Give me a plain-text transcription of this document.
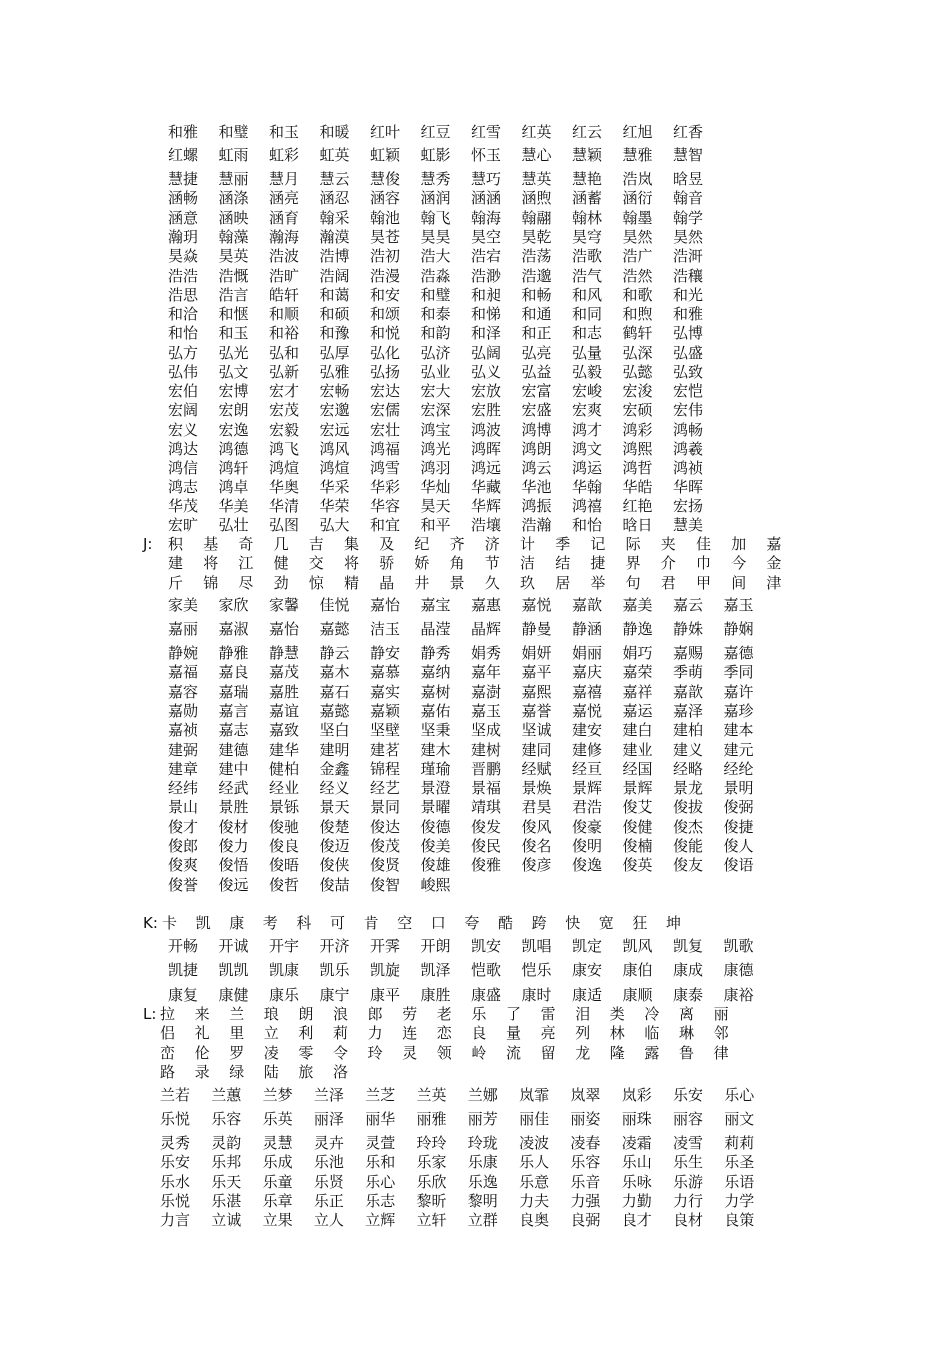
和雅 和璧 和玉 和暖 红叶 红豆 红雪 红英 红云 红旭 红香
红螺 虹雨 虹彩 虹英 虹颖 虹影 怀玉 慧心 慧颖 慧雅 慧智
慧捷 慧丽 慧月 慧云 慧俊 慧秀 慧巧 慧英 慧艳 浩岚 晗昱
涵畅 涵涤 涵亮 涵忍 涵容 涵润 涵涵 涵煦 涵蓄 涵衍 翰音
涵意 涵映 涵育 翰采 翰池 翰飞 翰海 翰翮 翰林 翰墨 翰学
瀚玥 翰藻 瀚海 瀚漠 昊苍 昊昊 昊空 昊乾 昊穹 昊然 昊然
昊焱 昊英 浩波 浩博 浩初 浩大 浩宕 浩荡 浩歌 浩广 浩涆
浩浩 浩慨 浩旷 浩阔 浩漫 浩淼 浩渺 浩邈 浩气 浩然 浩穰
浩思 浩言 皓轩 和蔼 和安 和璧 和昶 和畅 和风 和歌 和光
和洽 和惬 和顺 和硕 和颂 和泰 和悌 和通 和同 和煦 和雅
和怡 和玉 和裕 和豫 和悦 和韵 和泽 和正 和志 鹤轩 弘博
弘方 弘光 弘和 弘厚 弘化 弘济 弘阔 弘亮 弘量 弘深 弘盛
弘伟 弘文 弘新 弘雅 弘扬 弘业 弘义 弘益 弘毅 弘懿 弘致
宏伯 宏博 宏才 宏畅 宏达 宏大 宏放 宏富 宏峻 宏浚 宏恺
宏阔 宏朗 宏茂 宏邈 宏儒 宏深 宏胜 宏盛 宏爽 宏硕 宏伟
宏义 宏逸 宏毅 宏远 宏壮 鸿宝 鸿波 鸿博 鸿才 鸿彩 鸿畅
鸿达 鸿德 鸿飞 鸿风 鸿福 鸿光 鸿晖 鸿朗 鸿文 鸿熙 鸿羲
鸿信 鸿轩 鸿煊 鸿煊 鸿雪 鸿羽 鸿远 鸿云 鸿运 鸿哲 鸿祯
鸿志 鸿卓 华奥 华采 华彩 华灿 华藏 华池 华翰 华皓 华晖
华茂 华美 华清 华荣 华容 昊天 华辉 鸿振 鸿禧 红艳 宏扬
宏旷 弘壮 弘图 弘大 和宜 和平 浩壤 浩瀚 和怡 晗日 慧美
J: 积 基 奇 几 吉 集 及 纪 齐 济 计 季 记 际 夹 佳 加 嘉
建 将 江 健 交 将 骄 娇 角 节 洁 结 捷 界 介 巾 今 金
斤 锦 尽 劲 惊 精 晶 井 景 久 玖 居 举 句 君 甲 间 津
家美 家欣 家馨 佳悦 嘉怡 嘉宝 嘉惠 嘉悦 嘉歆 嘉美 嘉云 嘉玉
嘉丽 嘉淑 嘉怡 嘉懿 洁玉 晶滢 晶辉 静曼 静涵 静逸 静姝 静娴
静婉 静雅 静慧 静云 静安 静秀 娟秀 娟妍 娟丽 娟巧 嘉赐 嘉德
嘉福 嘉良 嘉茂 嘉木 嘉慕 嘉纳 嘉年 嘉平 嘉庆 嘉荣 季萌 季同
嘉容 嘉瑞 嘉胜 嘉石 嘉实 嘉树 嘉澍 嘉熙 嘉禧 嘉祥 嘉歆 嘉许
嘉勋 嘉言 嘉谊 嘉懿 嘉颖 嘉佑 嘉玉 嘉誉 嘉悦 嘉运 嘉泽 嘉珍
嘉祯 嘉志 嘉致 坚白 坚壁 坚秉 坚成 坚诚 建安 建白 建柏 建本
建弼 建德 建华 建明 建茗 建木 建树 建同 建修 建业 建义 建元
建章 建中 健柏 金鑫 锦程 瑾瑜 晋鹏 经赋 经亘 经国 经略 经纶
经纬 经武 经业 经义 经艺 景澄 景福 景焕 景辉 景辉 景龙 景明
景山 景胜 景铄 景天 景同 景曜 靖琪 君昊 君浩 俊艾 俊拔 俊弼
俊才 俊材 俊驰 俊楚 俊达 俊德 俊发 俊风 俊豪 俊健 俊杰 俊捷
俊郎 俊力 俊良 俊迈 俊茂 俊美 俊民 俊名 俊明 俊楠 俊能 俊人
俊爽 俊悟 俊晤 俊侠 俊贤 俊雄 俊雅 俊彦 俊逸 俊英 俊友 俊语
俊誉 俊远 俊哲 俊喆 俊智 峻熙
K: 卡 凯 康 考 科 可 肯 空 口 夸 酷 跨 快 宽 狂 坤
开畅 开诚 开宇 开济 开霁 开朗 凯安 凯唱 凯定 凯风 凯复 凯歌
凯捷 凯凯 凯康 凯乐 凯旋 凯泽 恺歌 恺乐 康安 康伯 康成 康德
康复 康健 康乐 康宁 康平 康胜 康盛 康时 康适 康顺 康泰 康裕
L: 拉 来 兰 琅 朗 浪 郎 劳 老 乐 了 雷 泪 类 冷 离 丽
侣 礼 里 立 利 莉 力 连 恋 良 量 亮 列 林 临 琳 邻
峦 伦 罗 凌 零 令 玲 灵 领 岭 流 留 龙 隆 露 鲁 律
路 录 绿 陆 旅 洛
兰若 兰蕙 兰梦 兰泽 兰芝 兰英 兰娜 岚霏 岚翠 岚彩 乐安 乐心
乐悦 乐容 乐英 丽泽 丽华 丽雅 丽芳 丽佳 丽姿 丽珠 丽容 丽文
灵秀 灵韵 灵慧 灵卉 灵萱 玲玲 玲珑 凌波 凌春 凌霜 凌雪 莉莉
乐安 乐邦 乐成 乐池 乐和 乐家 乐康 乐人 乐容 乐山 乐生 乐圣
乐水 乐天 乐童 乐贤 乐心 乐欣 乐逸 乐意 乐音 乐咏 乐游 乐语
乐悦 乐湛 乐章 乐正 乐志 黎昕 黎明 力夫 力强 力勤 力行 力学
力言 立诚 立果 立人 立辉 立轩 立群 良奥 良弼 良才 良材 良策
